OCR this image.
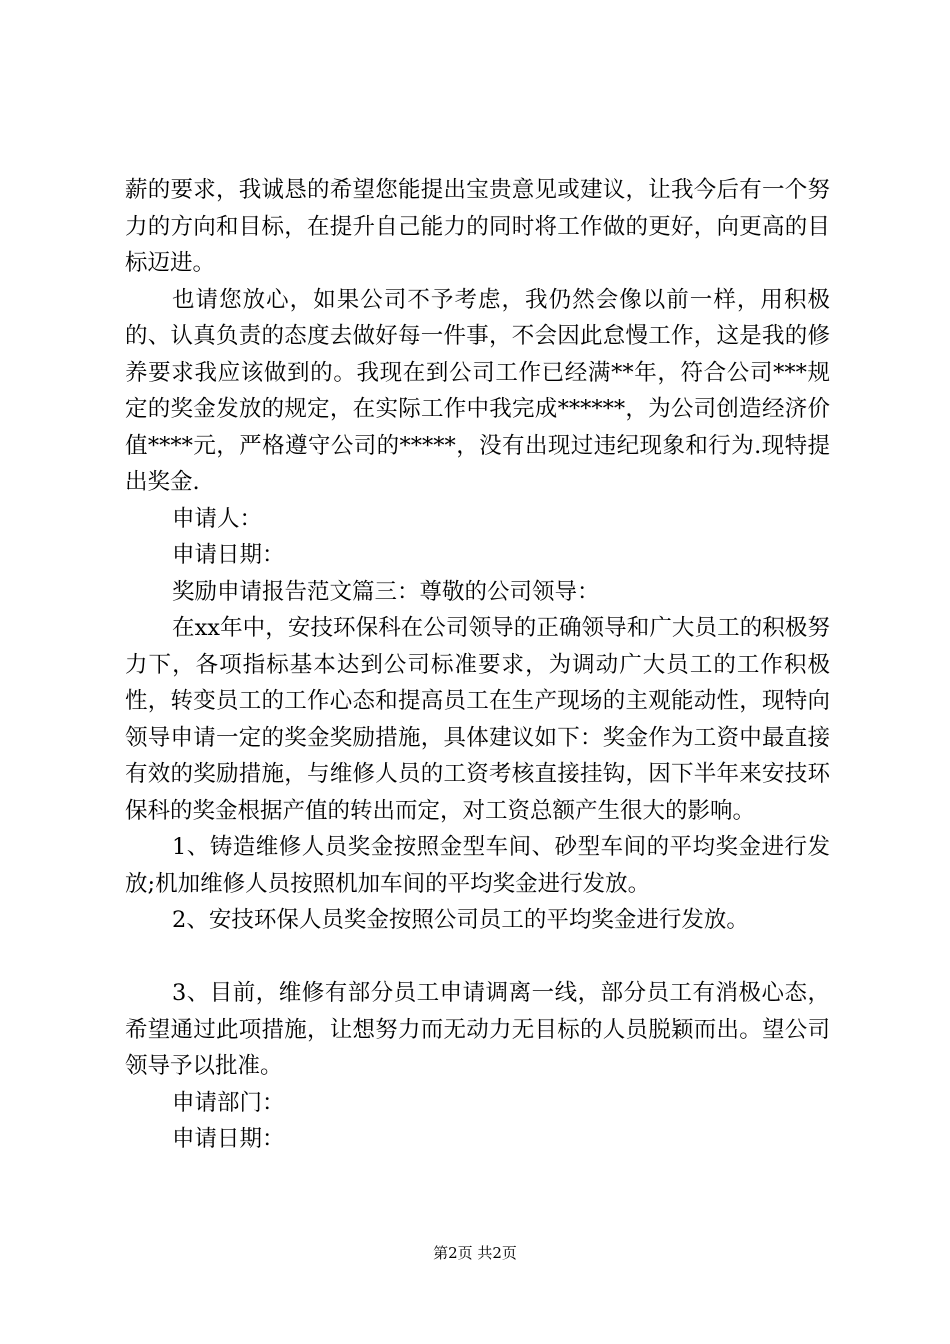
薪的要求，我诚恳的希望您能提出宝贵意见或建议，让我今后有一个努力的方向和目标，在提升自己能力的同时将工作做的更好，向更高的目标迈进。

也请您放心，如果公司不予考虑，我仍然会像以前一样，用积极的、认真负责的态度去做好每一件事，不会因此怠慢工作，这是我的修养要求我应该做到的。我现在到公司工作已经满**年，符合公司***规定的奖金发放的规定，在实际工作中我完成******，为公司创造经济价值****元，严格遵守公司的*****，没有出现过违纪现象和行为.现特提出奖金.

申请人：

申请日期：

奖励申请报告范文篇三：尊敬的公司领导：

在xx年中，安技环保科在公司领导的正确领导和广大员工的积极努力下，各项指标基本达到公司标准要求，为调动广大员工的工作积极性，转变员工的工作心态和提高员工在生产现场的主观能动性，现特向领导申请一定的奖金奖励措施，具体建议如下：奖金作为工资中最直接有效的奖励措施，与维修人员的工资考核直接挂钩，因下半年来安技环保科的奖金根据产值的转出而定，对工资总额产生很大的影响。

1、铸造维修人员奖金按照金型车间、砂型车间的平均奖金进行发放;机加维修人员按照机加车间的平均奖金进行发放。

2、安技环保人员奖金按照公司员工的平均奖金进行发放。

3、目前，维修有部分员工申请调离一线，部分员工有消极心态，希望通过此项措施，让想努力而无动力无目标的人员脱颖而出。望公司领导予以批准。

申请部门：

申请日期：

第2页 共2页
